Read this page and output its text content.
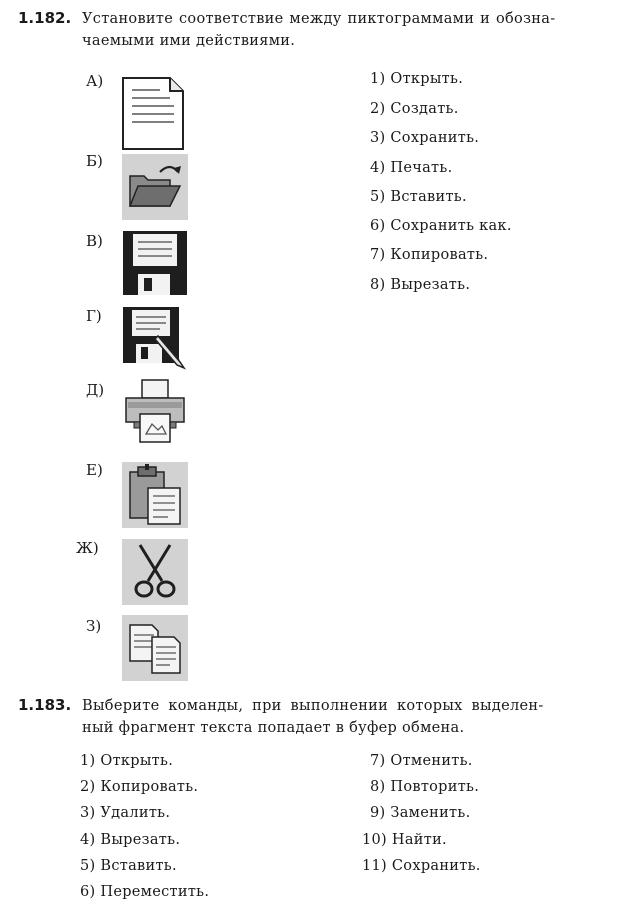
1.182. Установите соответствие между пиктограммами и обозна-
чаемыми ими действиями.
А)
Б)
В)
Г)
Д)
Е)
Ж)
З)
1) Открыть.
2) Создать.
3) Сохранить.
4) Печать.
5) Вставить.
6) Сохранить как.
7) Копировать.
8) Вырезать.
1.183. Выберите команды, при выполнении которых выделен-
ный фрагмент текста попадает в буфер обмена.
1) Открыть.
2) Копировать.
3) Удалить.
4) Вырезать.
5) Вставить.
6) Переместить.
7) Отменить.
8) Повторить.
9) Заменить.
10) Найти.
11) Сохранить.
